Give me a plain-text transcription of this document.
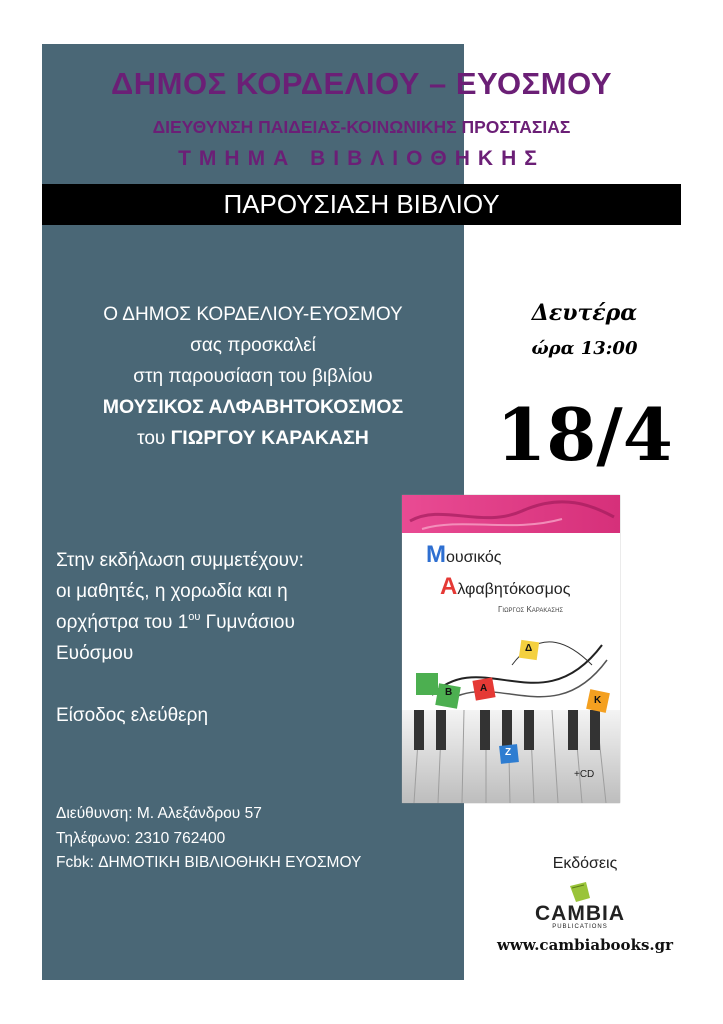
ΔΗΜΟΣ ΚΟΡΔΕΛΙΟΥ – ΕΥΟΣΜΟΥ
ΔΙΕΥΘΥΝΣΗ ΠΑΙΔΕΙΑΣ-ΚΟΙΝΩΝΙΚΗΣ ΠΡΟΣΤΑΣΙΑΣ
ΤΜΗΜΑ ΒΙΒΛΙΟΘΗΚΗΣ
ΠΑΡΟΥΣΙΑΣΗ ΒΙΒΛΙΟΥ
Ο ΔΗΜΟΣ ΚΟΡΔΕΛΙΟΥ-ΕΥΟΣΜΟΥ
σας προσκαλεί
στη παρουσίαση του βιβλίου
ΜΟΥΣΙΚΟΣ ΑΛΦΑΒΗΤΟΚΟΣΜΟΣ
του ΓΙΩΡΓΟΥ ΚΑΡΑΚΑΣΗ
Στην εκδήλωση συμμετέχουν:
οι μαθητές, η χορωδία και η
ορχήστρα του $1^{o\upsilon}$ Γυμνάσιου
Ευόσμου
Είσοδος ελεύθερη
Διεύθυνση: Μ. Αλεξάνδρου 57
Τηλέφωνο: 2310 762400
Fcbk: ΔΗΜΟΤΙΚΗ ΒΙΒΛΙΟΘΗΚΗ ΕΥΟΣΜΟΥ
Δευτέρα
ώρα 13:00
18/4
Μουσικός
Αλφαβητόκοσμος
Γιωργος Καρακασης
Β	Α
Δ
Κ
Ζ
+CD
Εκδόσεις
CAMBIA
PUBLICATIONS
www.cambiabooks.gr
